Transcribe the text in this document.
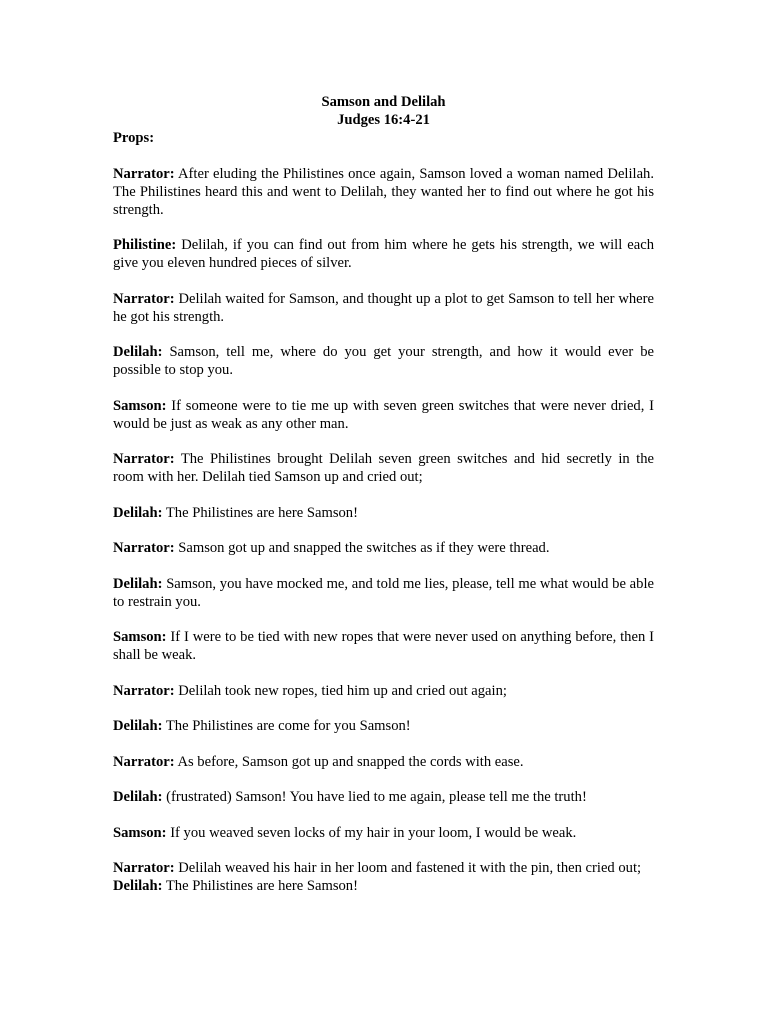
Samson and Delilah
Judges 16:4-21
Props:
Narrator: After eluding the Philistines once again, Samson loved a woman named Delilah. The Philistines heard this and went to Delilah, they wanted her to find out where he got his strength.
Philistine: Delilah, if you can find out from him where he gets his strength, we will each give you eleven hundred pieces of silver.
Narrator: Delilah waited for Samson, and thought up a plot to get Samson to tell her where he got his strength.
Delilah: Samson, tell me, where do you get your strength, and how it would ever be possible to stop you.
Samson: If someone were to tie me up with seven green switches that were never dried, I would be just as weak as any other man.
Narrator: The Philistines brought Delilah seven green switches and hid secretly in the room with her. Delilah tied Samson up and cried out;
Delilah: The Philistines are here Samson!
Narrator: Samson got up and snapped the switches as if they were thread.
Delilah: Samson, you have mocked me, and told me lies, please, tell me what would be able to restrain you.
Samson: If I were to be tied with new ropes that were never used on anything before, then I shall be weak.
Narrator: Delilah took new ropes, tied him up and cried out again;
Delilah: The Philistines are come for you Samson!
Narrator: As before, Samson got up and snapped the cords with ease.
Delilah: (frustrated) Samson! You have lied to me again, please tell me the truth!
Samson: If you weaved seven locks of my hair in your loom, I would be weak.
Narrator: Delilah weaved his hair in her loom and fastened it with the pin, then cried out;
Delilah: The Philistines are here Samson!
